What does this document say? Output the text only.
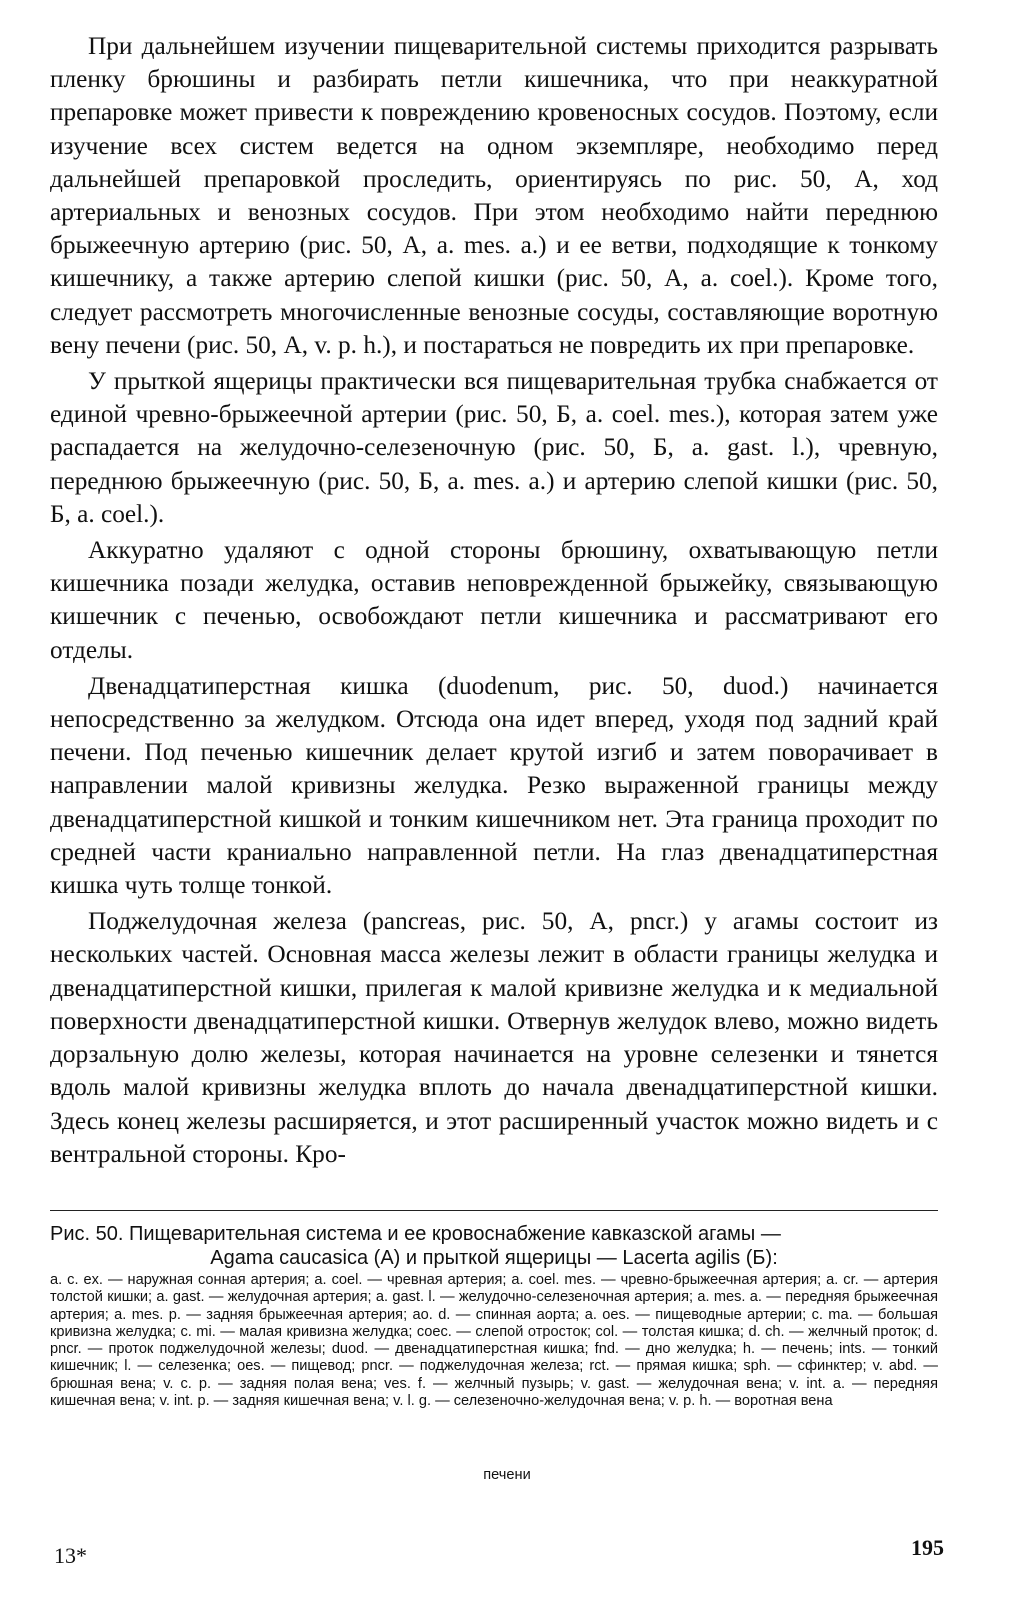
При дальнейшем изучении пищеварительной системы приходится разрывать пленку брюшины и разбирать петли кишечника, что при неаккуратной препаровке может привести к повреждению кровеносных сосудов. Поэтому, если изучение всех систем ведется на одном экземпляре, необходимо перед дальнейшей препаровкой проследить, ориентируясь по рис. 50, А, ход артериальных и венозных сосудов. При этом необходимо найти переднюю брыжеечную артерию (рис. 50, А, a. mes. a.) и ее ветви, подходящие к тонкому кишечнику, а также артерию слепой кишки (рис. 50, А, a. coel.). Кроме того, следует рассмотреть многочисленные венозные сосуды, составляющие воротную вену печени (рис. 50, А, v. p. h.), и постараться не повредить их при препаровке.

У прыткой ящерицы практически вся пищеварительная трубка снабжается от единой чревно-брыжеечной артерии (рис. 50, Б, a. coel. mes.), которая затем уже распадается на желудочно-селезеночную (рис. 50, Б, a. gast. l.), чревную, переднюю брыжеечную (рис. 50, Б, a. mes. a.) и артерию слепой кишки (рис. 50, Б, a. coel.).

Аккуратно удаляют с одной стороны брюшину, охватывающую петли кишечника позади желудка, оставив неповрежденной брыжейку, связывающую кишечник с печенью, освобождают петли кишечника и рассматривают его отделы.

Двенадцатиперстная кишка (duodenum, рис. 50, duod.) начинается непосредственно за желудком. Отсюда она идет вперед, уходя под задний край печени. Под печенью кишечник делает крутой изгиб и затем поворачивает в направлении малой кривизны желудка. Резко выраженной границы между двенадцатиперстной кишкой и тонким кишечником нет. Эта граница проходит по средней части краниально направленной петли. На глаз двенадцатиперстная кишка чуть толще тонкой.

Поджелудочная железа (pancreas, рис. 50, А, pncr.) у агамы состоит из нескольких частей. Основная масса железы лежит в области границы желудка и двенадцатиперстной кишки, прилегая к малой кривизне желудка и к медиальной поверхности двенадцатиперстной кишки. Отвернув желудок влево, можно видеть дорзальную долю железы, которая начинается на уровне селезенки и тянется вдоль малой кривизны желудка вплоть до начала двенадцатиперстной кишки. Здесь конец железы расширяется, и этот расширенный участок можно видеть и с вентральной стороны. Кро-

Рис. 50. Пищеварительная система и ее кровоснабжение кавказской агамы —

Agama caucasica (А) и прыткой ящерицы — Lacerta agilis (Б):

a. c. ex. — наружная сонная артерия; a. coel. — чревная артерия; a. coel. mes. — чревно-брыжеечная артерия; a. cr. — артерия толстой кишки; a. gast. — желудочная артерия; a. gast. l. — желудочно-селезеночная артерия; a. mes. a. — передняя брыжеечная артерия; a. mes. p. — задняя брыжеечная артерия; ao. d. — спинная аорта; a. oes. — пищеводные артерии; c. ma. — большая кривизна желудка; c. mi. — малая кривизна желудка; coec. — слепой отросток; col. — толстая кишка; d. ch. — желчный проток; d. pncr. — проток поджелудочной железы; duod. — двенадцатиперстная кишка; fnd. — дно желудка; h. — печень; ints. — тонкий кишечник; l. — селезенка; oes. — пищевод; pncr. — поджелудочная железа; rct. — прямая кишка; sph. — сфинктер; v. abd. — брюшная вена; v. c. p. — задняя полая вена; ves. f. — желчный пузырь; v. gast. — желудочная вена; v. int. a. — передняя кишечная вена; v. int. p. — задняя кишечная вена; v. l. g. — селезеночно-желудочная вена; v. p. h. — воротная вена

печени
13*	195
